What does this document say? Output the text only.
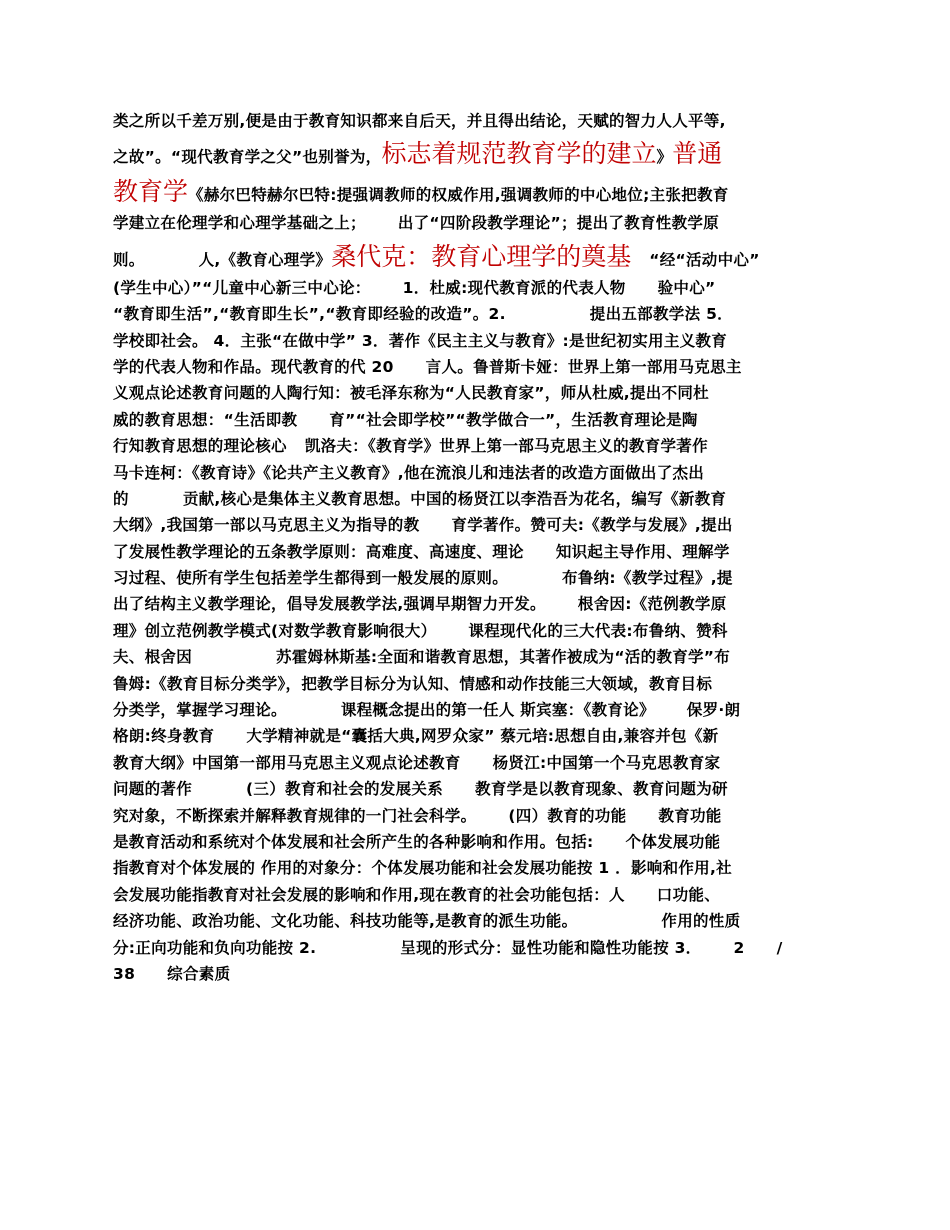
类之所以千差万别,便是由于教育知识都来自后天，并且得出结论，天赋的智力人人平等,
之故”。“现代教育学之父”也别誉为，标志着规范教育学的建立》普通
教育学《赫尔巴特赫尔巴特:提强调教师的权威作用,强调教师的中心地位;主张把教育
学建立在伦理学和心理学基础之上； 出了“四阶段教学理论”；提出了教育性教学原
则。	人,《教育心理学》桑代克：教育心理学的奠基 “经“活动中心”
(学生中心）”“儿童中心新三中心论： 1．杜威:现代教育派的代表人物 验中心”
“教育即生活”,“教育即生长”,“教育即经验的改造”。2.	提出五部教学法 5．
学校即社会。 4．主张“在做中学” 3．著作《民主主义与教育》:是世纪初实用主义教育
学的代表人物和作品。现代教育的代 20 言人。鲁普斯卡娅：世界上第一部用马克思主
义观点论述教育问题的人陶行知：被毛泽东称为“人民教育家”，师从杜威,提出不同杜
威的教育思想：“生活即教 育”“社会即学校”“教学做合一”，生活教育理论是陶
行知教育思想的理论核心 凯洛夫：《教育学》世界上第一部马克思主义的教育学著作
马卡连柯：《教育诗》《论共产主义教育》,他在流浪儿和违法者的改造方面做出了杰出
的	贡献,核心是集体主义教育思想。中国的杨贤江以李浩吾为花名，编写《新教育
大纲》,我国第一部以马克思主义为指导的教 育学著作。赞可夫:《教学与发展》,提出
了发展性教学理论的五条教学原则：高难度、高速度、理论 知识起主导作用、理解学
习过程、使所有学生包括差学生都得到一般发展的原则。	布鲁纳:《教学过程》,提
出了结构主义教学理论，倡导发展教学法,强调早期智力开发。 根舍因:《范例教学原
理》创立范例教学模式(对数学教育影响很大） 课程现代化的三大代表:布鲁纳、赞科
夫、根舍因	苏霍姆林斯基:全面和谐教育思想，其著作被成为“活的教育学”布
鲁姆:《教育目标分类学》，把教学目标分为认知、情感和动作技能三大领域，教育目标
分类学，掌握学习理论。	课程概念提出的第一任人 斯宾塞：《教育论》 保罗·朗
格朗:终身教育 大学精神就是“囊括大典,网罗众家” 蔡元培:思想自由,兼容并包《新
教育大纲》中国第一部用马克思主义观点论述教育 杨贤江:中国第一个马克思教育家
问题的著作	(三）教育和社会的发展关系 教育学是以教育现象、教育问题为研
究对象，不断探索并解释教育规律的一门社会科学。 (四）教育的功能 教育功能
是教育活动和系统对个体发展和社会所产生的各种影响和作用。包括: 个体发展功能
指教育对个体发展的 作用的对象分：个体发展功能和社会发展功能按 1 ．影响和作用,社
会发展功能指教育对社会发展的影响和作用,现在教育的社会功能包括：人 口功能、
经济功能、政治功能、文化功能、科技功能等,是教育的派生功能。	作用的性质
分:正向功能和负向功能按 2.	呈现的形式分：显性功能和隐性功能按 3． 2 /
38 综合素质
